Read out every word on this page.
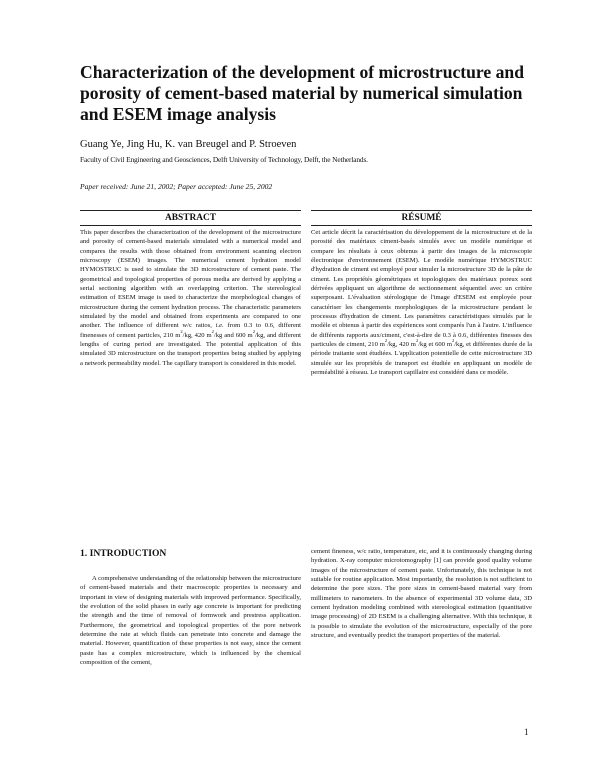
Characterization of the development of microstructure and porosity of cement-based material by numerical simulation and ESEM image analysis

Guang Ye, Jing Hu, K. van Breugel and P. Stroeven

Faculty of Civil Engineering and Geosciences, Delft University of Technology, Delft, the Netherlands.

Paper received: June 21, 2002; Paper accepted: June 25, 2002

ABSTRACT

This paper describes the characterization of the development of the microstructure and porosity of cement-based materials simulated with a numerical model and compares the results with those obtained from environment scanning electron microscopy (ESEM) images. The numerical cement hydration model HYMOSTRUC is used to simulate the 3D microstructure of cement paste. The geometrical and topological properties of porous media are derived by applying a serial sectioning algorithm with an overlapping criterion. The stereological estimation of ESEM image is used to characterize the morphological changes of microstructure during the cement hydration process. The characteristic parameters simulated by the model and obtained from experiments are compared to one another. The influence of different w/c ratios, i.e. from 0.3 to 0.6, different finenesses of cement particles, 210 $m^2/kg$, 420 $m^2/kg$ and 600 $m^2/kg$, and different lengths of curing period are investigated. The potential application of this simulated 3D microstructure on the transport properties being studied by applying a network permeability model. The capillary transport is considered in this model.

RÉSUMÉ

Cet article décrit la caractérisation du développement de la microstructure et de la porosité des matériaux ciment-basés simulés avec un modèle numérique et compare les résultats à ceux obtenus à partir des images de la microscopie électronique d'environnement (ESEM). Le modèle numérique HYMOSTRUC d'hydration de ciment est employé pour simuler la microstructure 3D de la pâte de ciment. Les propriétés géométriques et topologiques des matériaux poreux sont dérivées appliquant un algorithme de sectionnement séquentiel avec un critère superposant. L'évaluation stérologique de l'image d'ESEM est employée pour caractériser les changements morphologiques de la microstructure pendant le processus d'hydration de ciment. Les paramètres caractéristiques simulés par le modèle et obtenus à partir des expériences sont comparés l'un à l'autre. L'influence de différents rapports aux/ciment, c'est-à-dire de 0.3 à 0.6, différentes finesses des particules de ciment, 210 $m^2/kg$, 420 $m^2/kg$ et 600 $m^2/kg$, et différentes durée de la période traitante sont étudiées. L'application potentielle de cette microstructure 3D simulée sur les propriétés de transport est étudiée en appliquant un modèle de perméabilité à réseau. Le transport capillaire est considéré dans ce modèle.

1. INTRODUCTION

A comprehensive understanding of the relationship between the microstructure of cement-based materials and their macroscopic properties is necessary and important in view of designing materials with improved performance. Specifically, the evolution of the solid phases in early age concrete is important for predicting the strength and the time of removal of formwork and prestress application. Furthermore, the geometrical and topological properties of the pore network determine the rate at which fluids can penetrate into concrete and damage the material. However, quantification of these properties is not easy, since the cement paste has a complex microstructure, which is influenced by the chemical composition of the cement,

cement fineness, w/c ratio, temperature, etc, and it is continuously changing during hydration. X-ray computer microtomography [1] can provide good quality volume images of the microstructure of cement paste. Unfortunately, this technique is not suitable for routine application. Most importantly, the resolution is not sufficient to determine the pore sizes. The pore sizes in cement-based material vary from millimeters to nanometers. In the absence of experimental 3D volume data, 3D cement hydration modeling combined with stereological estimation (quantitative image processing) of 2D ESEM is a challenging alternative. With this technique, it is possible to simulate the evolution of the microstructure, especially of the pore structure, and eventually predict the transport properties of the material.

1
